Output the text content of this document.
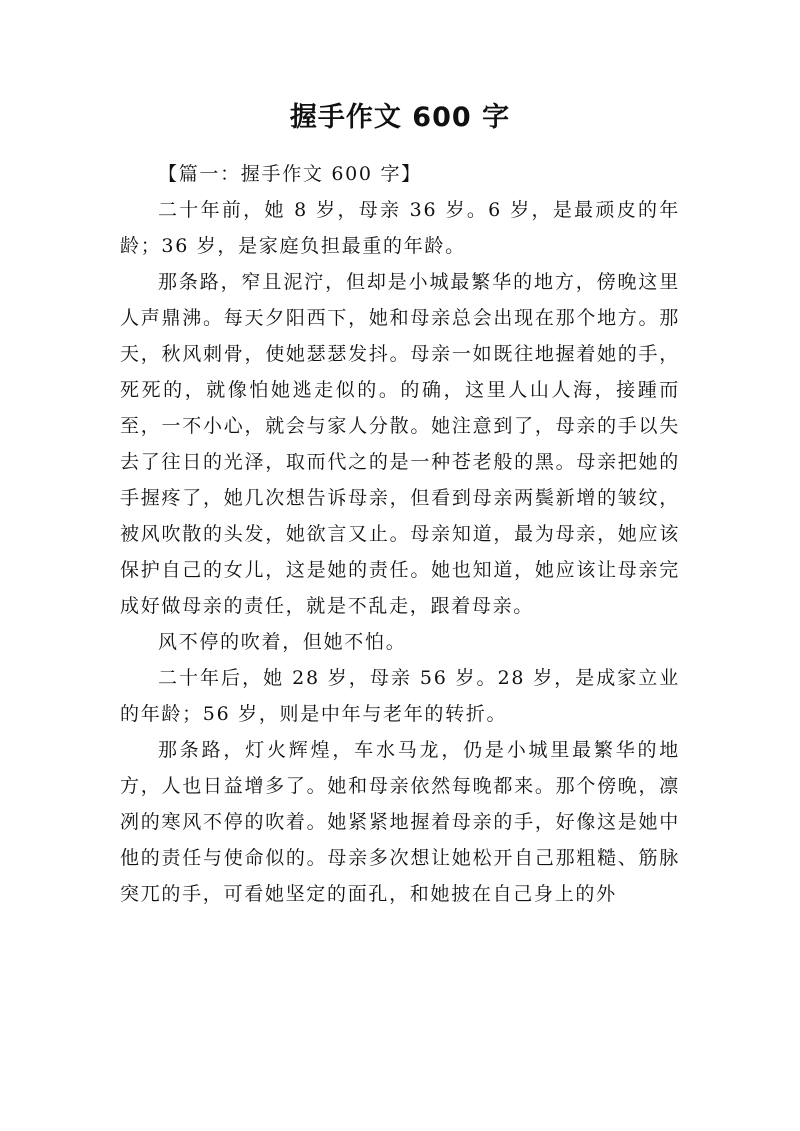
握手作文 600 字

【篇一：握手作文 600 字】

二十年前，她 8 岁，母亲 36 岁。6 岁，是最顽皮的年龄；36 岁，是家庭负担最重的年龄。

那条路，窄且泥泞，但却是小城最繁华的地方，傍晚这里人声鼎沸。每天夕阳西下，她和母亲总会出现在那个地方。那天，秋风刺骨，使她瑟瑟发抖。母亲一如既往地握着她的手，死死的，就像怕她逃走似的。的确，这里人山人海，接踵而至，一不小心，就会与家人分散。她注意到了，母亲的手以失去了往日的光泽，取而代之的是一种苍老般的黑。母亲把她的手握疼了，她几次想告诉母亲，但看到母亲两鬓新增的皱纹，被风吹散的头发，她欲言又止。母亲知道，最为母亲，她应该保护自己的女儿，这是她的责任。她也知道，她应该让母亲完成好做母亲的责任，就是不乱走，跟着母亲。

风不停的吹着，但她不怕。

二十年后，她 28 岁，母亲 56 岁。28 岁，是成家立业的年龄；56 岁，则是中年与老年的转折。

那条路，灯火辉煌，车水马龙，仍是小城里最繁华的地方，人也日益增多了。她和母亲依然每晚都来。那个傍晚，凛冽的寒风不停的吹着。她紧紧地握着母亲的手，好像这是她中他的责任与使命似的。母亲多次想让她松开自己那粗糙、筋脉突兀的手，可看她坚定的面孔，和她披在自己身上的外
